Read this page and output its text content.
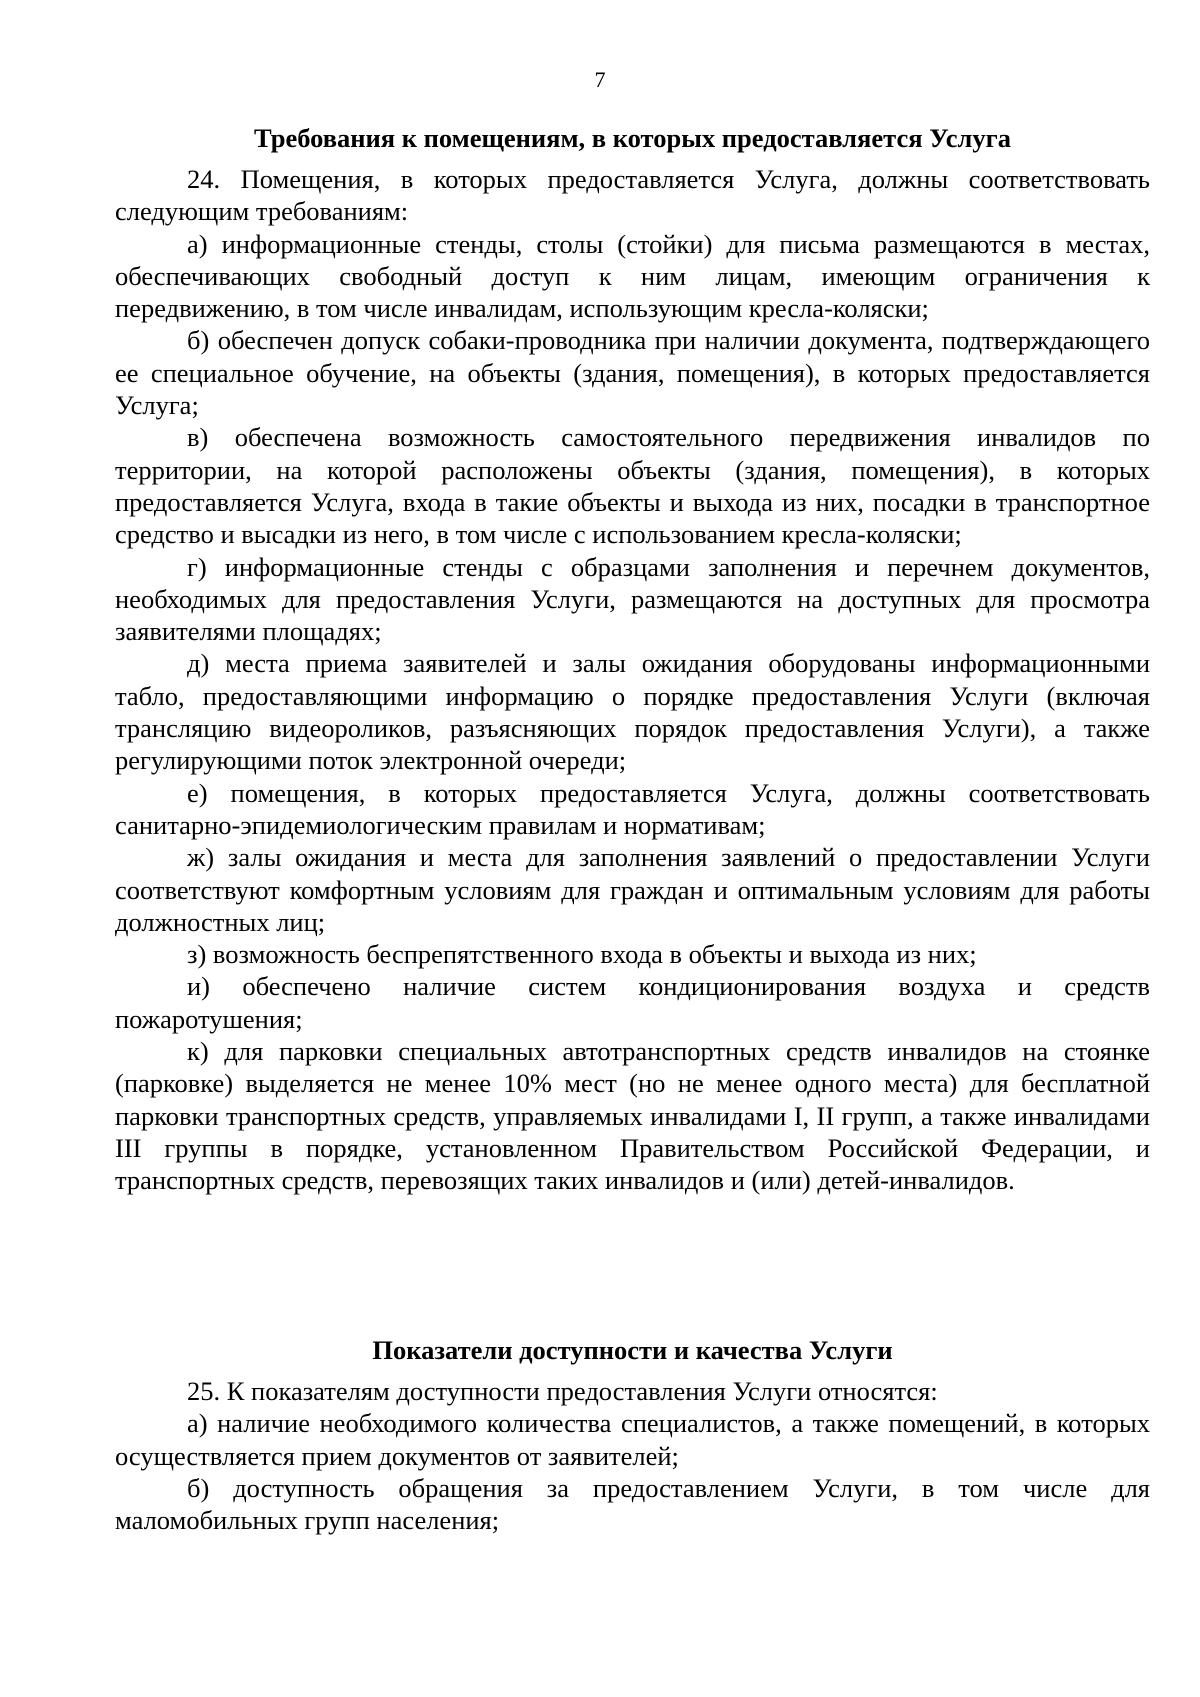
7
Требования к помещениям, в которых предоставляется Услуга

24. Помещения, в которых предоставляется Услуга, должны соответствовать следующим требованиям:

а) информационные стенды, столы (стойки) для письма размещаются в местах, обеспечивающих свободный доступ к ним лицам, имеющим ограничения к передвижению, в том числе инвалидам, использующим кресла-коляски;

б) обеспечен допуск собаки-проводника при наличии документа, подтверждающего ее специальное обучение, на объекты (здания, помещения), в которых предоставляется Услуга;

в) обеспечена возможность самостоятельного передвижения инвалидов по территории, на которой расположены объекты (здания, помещения), в которых предоставляется Услуга, входа в такие объекты и выхода из них, посадки в транспортное средство и высадки из него, в том числе с использованием кресла-коляски;

г) информационные стенды с образцами заполнения и перечнем документов, необходимых для предоставления Услуги, размещаются на доступных для просмотра заявителями площадях;

д) места приема заявителей и залы ожидания оборудованы информационными табло, предоставляющими информацию о порядке предоставления Услуги (включая трансляцию видеороликов, разъясняющих порядок предоставления Услуги), а также регулирующими поток электронной очереди;

е) помещения, в которых предоставляется Услуга, должны соответствовать санитарно-эпидемиологическим правилам и нормативам;

ж) залы ожидания и места для заполнения заявлений о предоставлении Услуги соответствуют комфортным условиям для граждан и оптимальным условиям для работы должностных лиц;

з) возможность беспрепятственного входа в объекты и выхода из них;

и) обеспечено наличие систем кондиционирования воздуха и средств пожаротушения;

к) для парковки специальных автотранспортных средств инвалидов на стоянке (парковке) выделяется не менее 10% мест (но не менее одного места) для бесплатной парковки транспортных средств, управляемых инвалидами I, II групп, а также инвалидами III группы в порядке, установленном Правительством Российской Федерации, и транспортных средств, перевозящих таких инвалидов и (или) детей-инвалидов.

Показатели доступности и качества Услуги

25. К показателям доступности предоставления Услуги относятся:

а) наличие необходимого количества специалистов, а также помещений, в которых осуществляется прием документов от заявителей;

б) доступность обращения за предоставлением Услуги, в том числе для маломобильных групп населения;
